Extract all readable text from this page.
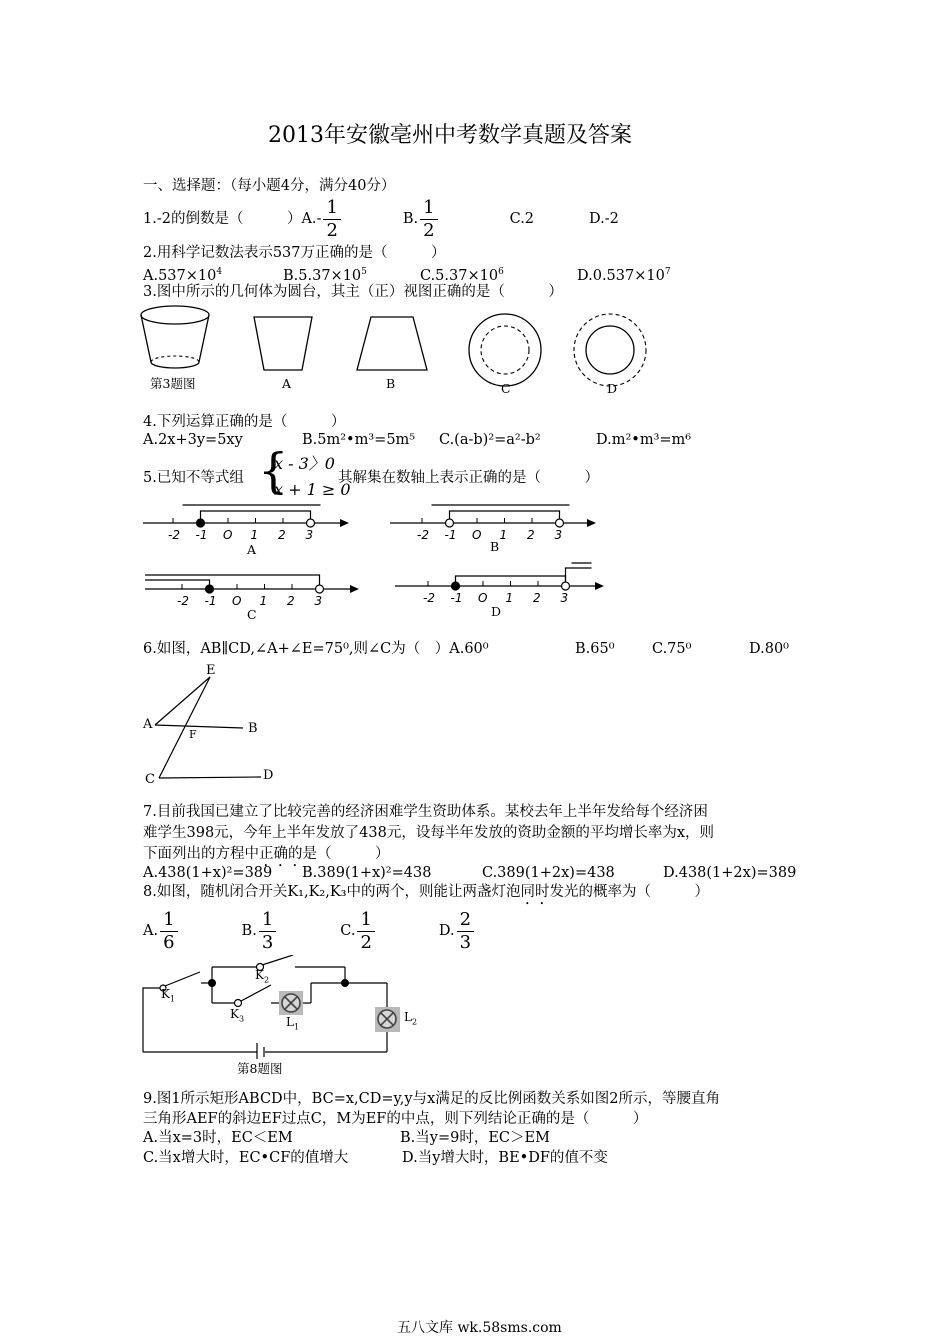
2013年安徽亳州中考数学真题及答案
一、选择题：（每小题4分，满分40分）
1.-2的倒数是（　　　）$A.- \frac{1}{2}$	B. $\frac{1}{2}$	C.2	D.-2
2.用科学记数法表示537万正确的是（　　　）
$A.537\times 10^4$	$B.5.37\times 10^5$	$C.5.37\times 10^6$	$D.0.537\times 10^7$
3.图中所示的几何体为圆台，其主（正）视图正确的是（　　　）
第3题图	A	B	C	D
4.下列运算正确的是（　　　）
A.2x+3y=5xy	B.5m²•m³=5m⁵ C.(a-b)²=a²-b²	D.m²•m³=m⁶
5.已知不等式组 {
x - 3〉0
x + 1 ≥ 0
其解集在数轴上表示正确的是（　　　）
-2 -1 O 1 2 3	-2 -1 O 1 2 3
-2 -1 O 1 2 3	-2 -1 O 1 2 3
A	B
C	D
6.如图，AB∥CD,∠A+∠E=75⁰,则∠C为（　）A.60⁰	B.65⁰	C.75⁰	D.80⁰
E
A
F	B
C	D
7.目前我国已建立了比较完善的经济困难学生资助体系。某校去年上半年发给每个经济困
难学生398元，今年上半年发放了438元，设每半年发放的资助金额的平均增长率为x，则
下面列出的方程中正确的是（　　　）
A.438(1+x)²=389 B.389(1+x)²=438	C.389(1+2x)=438	D.438(1+2x)=389
8.如图，随机闭合开关K₁,K₂,K₃中的两个，则能让两盏灯泡同时发光的概率为（　　　）
A. $\frac{1}{6}$	B. $\frac{1}{3}$	C. $\frac{1}{2}$	D. $\frac{2}{3}$
$K_1$
$K_2$
$K_3$	$L_1$
$L_2$
第8题图
9.图1所示矩形ABCD中，BC=x,CD=y,y与x满足的反比例函数关系如图2所示，等腰直角
三角形AEF的斜边EF过点C，M为EF的中点，则下列结论正确的是（　　　）
A.当x=3时，EC＜EM	B.当y=9时，EC＞EM
C.当x增大时，EC•CF的值增大	D.当y增大时，BE•DF的值不变
五八文库 wk.58sms.com
